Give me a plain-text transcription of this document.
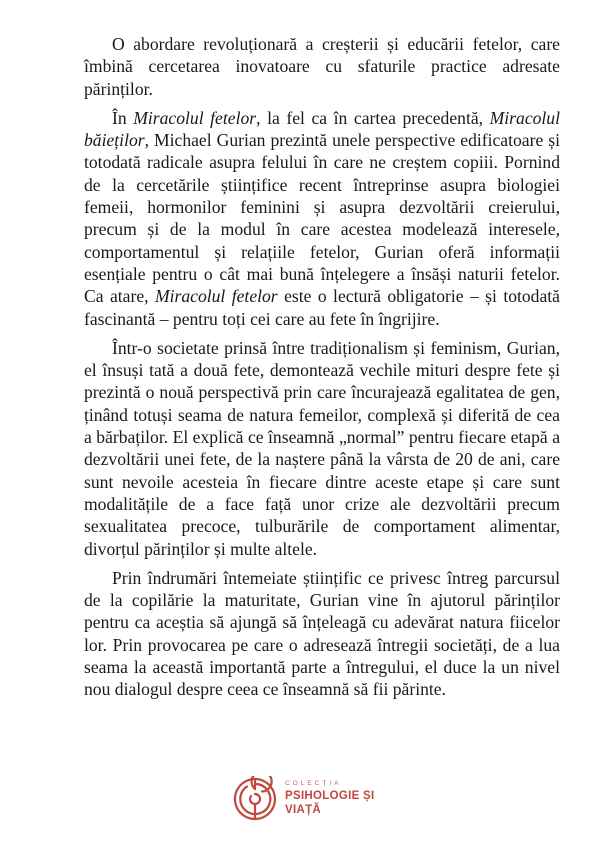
O abordare revoluționară a creșterii și educării fetelor, care îmbină cercetarea inovatoare cu sfaturile practice adresate părinților.

În Miracolul fetelor, la fel ca în cartea precedentă, Miracolul băieților, Michael Gurian prezintă unele perspective edificatoare și totodată radicale asupra felului în care ne creștem copiii. Pornind de la cercetările științifice recent întreprinse asupra biologiei femeii, hormonilor feminini și asupra dezvoltării creierului, precum și de la modul în care acestea modelează interesele, comportamentul și relațiile fetelor, Gurian oferă informații esențiale pentru o cât mai bună înțelegere a însăși naturii fetelor. Ca atare, Miracolul fetelor este o lectură obligatorie – și totodată fascinantă – pentru toți cei care au fete în îngrijire.

Într-o societate prinsă între tradiționalism și feminism, Gurian, el însuși tată a două fete, demontează vechile mituri despre fete și prezintă o nouă perspectivă prin care încurajează egalitatea de gen, ținând totuși seama de natura femeilor, complexă și diferită de cea a bărbaților. El explică ce înseamnă „normal” pentru fiecare etapă a dezvoltării unei fete, de la naștere până la vârsta de 20 de ani, care sunt nevoile acesteia în fiecare dintre aceste etape și care sunt modalitățile de a face față unor crize ale dezvoltării precum sexualitatea precoce, tulburările de comportament alimentar, divorțul părinților și multe altele.

Prin îndrumări întemeiate științific ce privesc întreg parcursul de la copilărie la maturitate, Gurian vine în ajutorul părinților pentru ca aceștia să ajungă să înțeleagă cu adevărat natura fiicelor lor. Prin provocarea pe care o adresează întregii societăți, de a lua seama la această importantă parte a întregului, el duce la un nivel nou dialogul despre ceea ce înseamnă să fii părinte.

COLECȚIA
PSIHOLOGIE ȘI
VIAȚĂ
